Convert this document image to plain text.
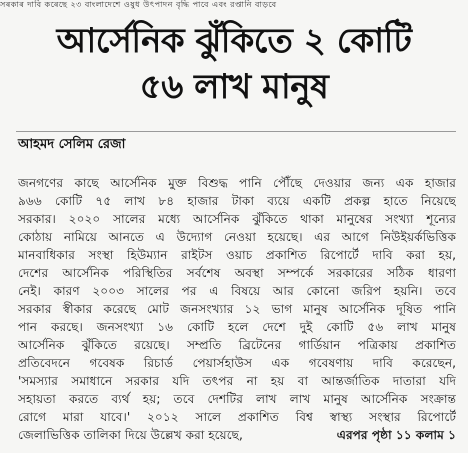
সৰকাৰ দাবি কৰেছে ২৩ বাংলাদেশে ওষুধ উৎপাদন বৃদ্ধি পাবে এবং রপ্তানি বাড়বে
আর্সেনিক ঝুঁকিতে ২ কোটি
৫৬ লাখ মানুষ
আহমদ সেলিম রেজা
জনগণের কাছে আর্সেনিক মুক্ত বিশুদ্ধ পানি পৌঁছে দেওয়ার জন্য এক হাজার
৯৬৬ কোটি ৭৫ লাখ ৮৪ হাজার টাকা ব্যয়ে একটি প্রকল্প হাতে নিয়েছে
সরকার। ২০২০ সালের মধ্যে আর্সেনিক ঝুঁকিতে থাকা মানুষের সংখ্যা শূন্যের
কোঠায় নামিয়ে আনতে এ উদ্যোগ নেওয়া হয়েছে। এর আগে নিউইয়র্কভিত্তিক
মানবাধিকার সংস্থা হিউম্যান রাইটস ওয়াচ প্রকাশিত রিপোর্টে দাবি করা হয়,
দেশের আর্সেনিক পরিস্থিতির সর্বশেষ অবস্থা সম্পর্কে সরকারের সঠিক ধারণা
নেই। কারণ ২০০৩ সালের পর এ বিষয়ে আর কোনো জরিপ হয়নি। তবে
সরকার স্বীকার করেছে মোট জনসংখ্যার ১২ ভাগ মানুষ আর্সেনিক দূষিত পানি
পান করছে। জনসংখ্যা ১৬ কোটি হলে দেশে দুই কোটি ৫৬ লাখ মানুষ
আর্সেনিক ঝুঁকিতে রয়েছে। সম্প্রতি ব্রিটেনের গার্ডিয়ান পত্রিকায় প্রকাশিত
প্রতিবেদনে গবেষক রিচার্ড পেয়ার্সহাউস এক গবেষণায় দাবি করেছেন,
'সমস্যার সমাধানে সরকার যদি তৎপর না হয় বা আন্তর্জাতিক দাতারা যদি
সহায়তা করতে ব্যর্থ হয়; তবে দেশটির লাখ লাখ মানুষ আর্সেনিক সংক্রান্ত
রোগে মারা যাবে।' ২০১২ সালে প্রকাশিত বিশ্ব স্বাস্থ্য সংস্থার রিপোর্টে
জেলাভিত্তিক তালিকা দিয়ে উল্লেখ করা হয়েছে,	এরপর পৃষ্ঠা ১১ কলাম ১
